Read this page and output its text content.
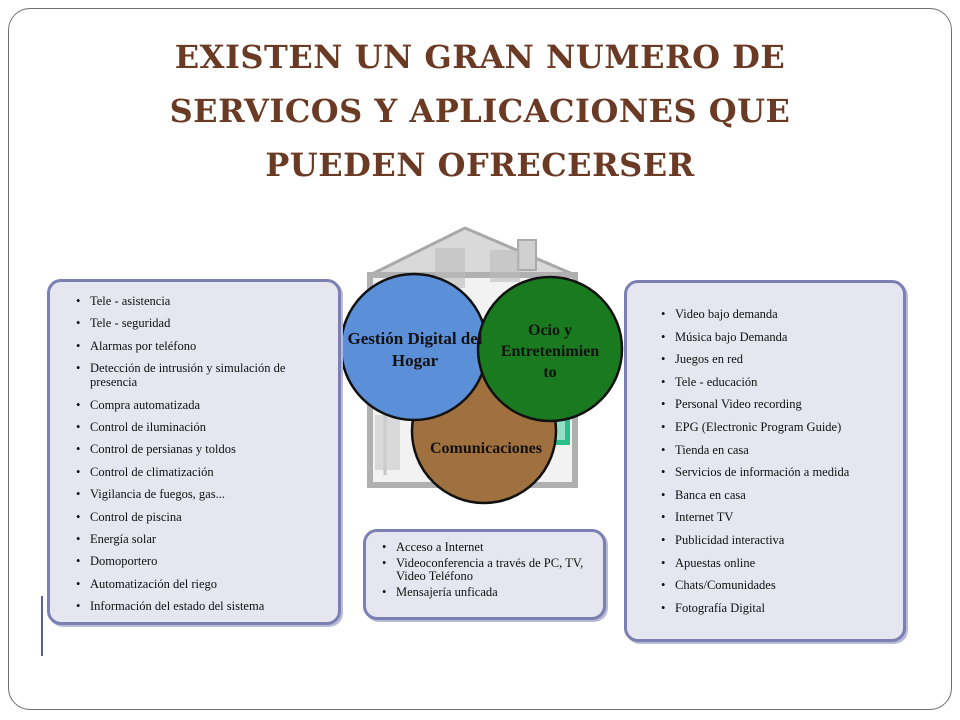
EXISTEN UN GRAN NUMERO DE
SERVICOS Y APLICACIONES QUE
PUEDEN OFRECERSER
Gestión Digital del Hogar
Ocio y
Entretenimien
to
Comunicaciones
• Tele - asistencia
• Tele - seguridad
• Alarmas por teléfono
• Detección de intrusión y simulación de presencia
• Compra automatizada
• Control de iluminación
• Control de persianas y toldos
• Control de climatización
• Vigilancia de fuegos, gas...
• Control de piscina
• Energía solar
• Domoportero
• Automatización del riego
• Información del estado del sistema
• Video bajo demanda
• Música bajo Demanda
• Juegos en red
• Tele - educación
• Personal Video recording
• EPG (Electronic Program Guide)
• Tienda en casa
• Servicios de información a medida
• Banca en casa
• Internet TV
• Publicidad interactiva
• Apuestas online
• Chats/Comunidades
• Fotografía Digital
• Acceso a Internet
• Videoconferencia a través de PC, TV, Video Teléfono
• Mensajería unficada
